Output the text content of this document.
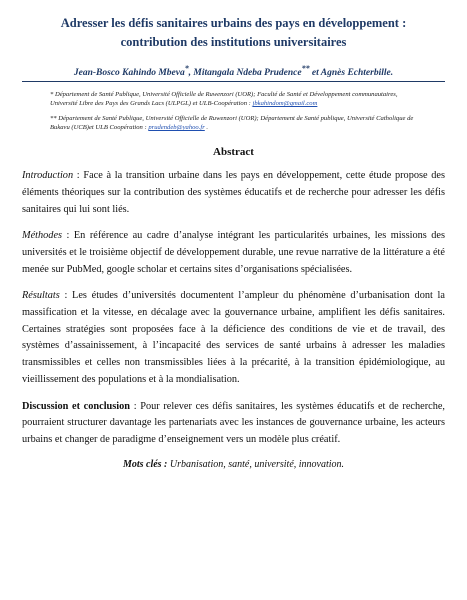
Adresser les défis sanitaires urbains des pays en développement :
contribution des institutions universitaires
Jean-Bosco Kahindo Mbeva*, Mitangala Ndeba Prudence** et Agnès Echterbille.
* Département de Santé Publique, Université Officielle de Ruwenzori (UOR); Faculté de Santé et Développement communautaires, Université Libre des Pays des Grands Lacs (ULPGL) et ULB-Coopération : jbkahindom@gmail.com
** Département de Santé Publique, Université Officielle de Ruwenzori (UOR); Département de Santé publique, Université Catholique de Bukavu (UCB)et ULB Coopération : prudendeb@yahoo.fr .
Abstract

Introduction : Face à la transition urbaine dans les pays en développement, cette étude propose des éléments théoriques sur la contribution des systèmes éducatifs et de recherche pour adresser les défis sanitaires qui lui sont liés.

Méthodes : En référence au cadre d’analyse intégrant les particularités urbaines, les missions des universités et le troisième objectif de développement durable, une revue narrative de la littérature a été menée sur PubMed, google scholar et certains sites d’organisations spécialisées.

Résultats : Les études d’universités documentent l’ampleur du phénomène d’urbanisation dont la massification et la vitesse, en décalage avec la gouvernance urbaine, amplifient les défis sanitaires. Certaines stratégies sont proposées face à la déficience des conditions de vie et de travail, des systèmes d’assainissement, à l’incapacité des services de santé urbains à adresser les maladies transmissibles et celles non transmissibles liées à la précarité, à la transition épidémiologique, au vieillissement des populations et à la mondialisation.

Discussion et conclusion : Pour relever ces défis sanitaires, les systèmes éducatifs et de recherche, pourraient structurer davantage les partenariats avec les instances de gouvernance urbaine, les acteurs urbains et changer de paradigme d’enseignement vers un modèle plus créatif.

Mots clés : Urbanisation, santé, université, innovation.
